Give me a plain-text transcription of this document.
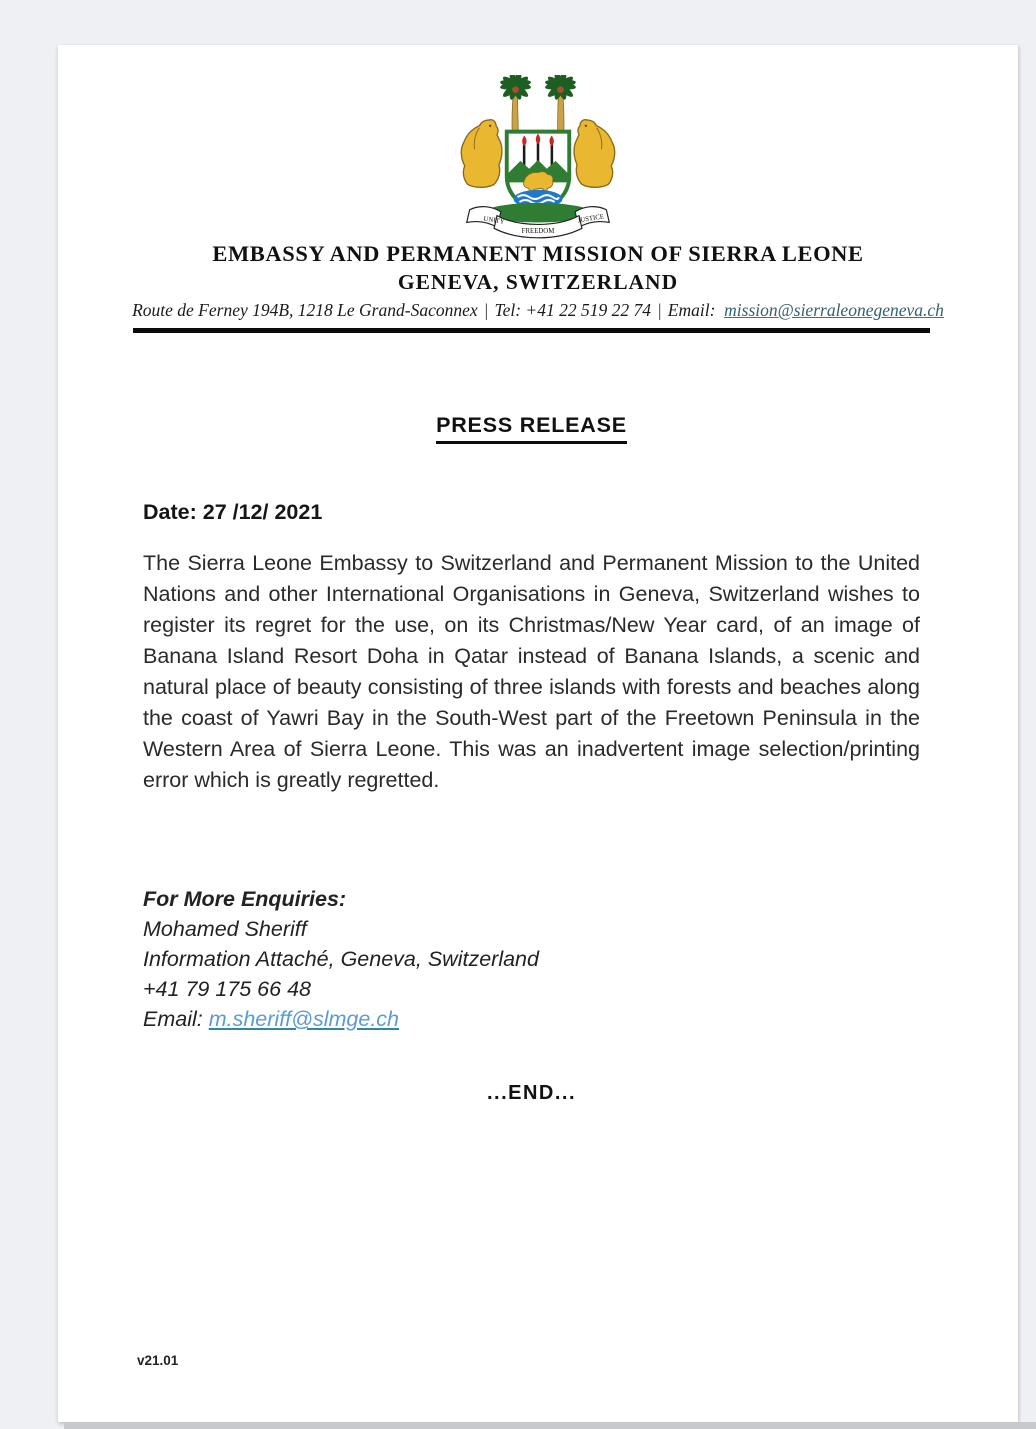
UNITY
FREEDOM
JUSTICE
EMBASSY AND PERMANENT MISSION OF SIERRA LEONE
GENEVA, SWITZERLAND
Route de Ferney 194B, 1218 Le Grand-Saconnex | Tel: +41 22 519 22 74 | Email: mission@sierraleonegeneva.ch
PRESS RELEASE
Date: 27 /12/ 2021

The Sierra Leone Embassy to Switzerland and Permanent Mission to the United Nations and other International Organisations in Geneva, Switzerland wishes to register its regret for the use, on its Christmas/New Year card, of an image of Banana Island Resort Doha in Qatar instead of Banana Islands, a scenic and natural place of beauty consisting of three islands with forests and beaches along the coast of Yawri Bay in the South-West part of the Freetown Peninsula in the Western Area of Sierra Leone. This was an inadvertent image selection/printing error which is greatly regretted.

For More Enquiries:
Mohamed Sheriff
Information Attaché, Geneva, Switzerland
+41 79 175 66 48
Email: m.sheriff@slmge.ch
...END...
v21.01
